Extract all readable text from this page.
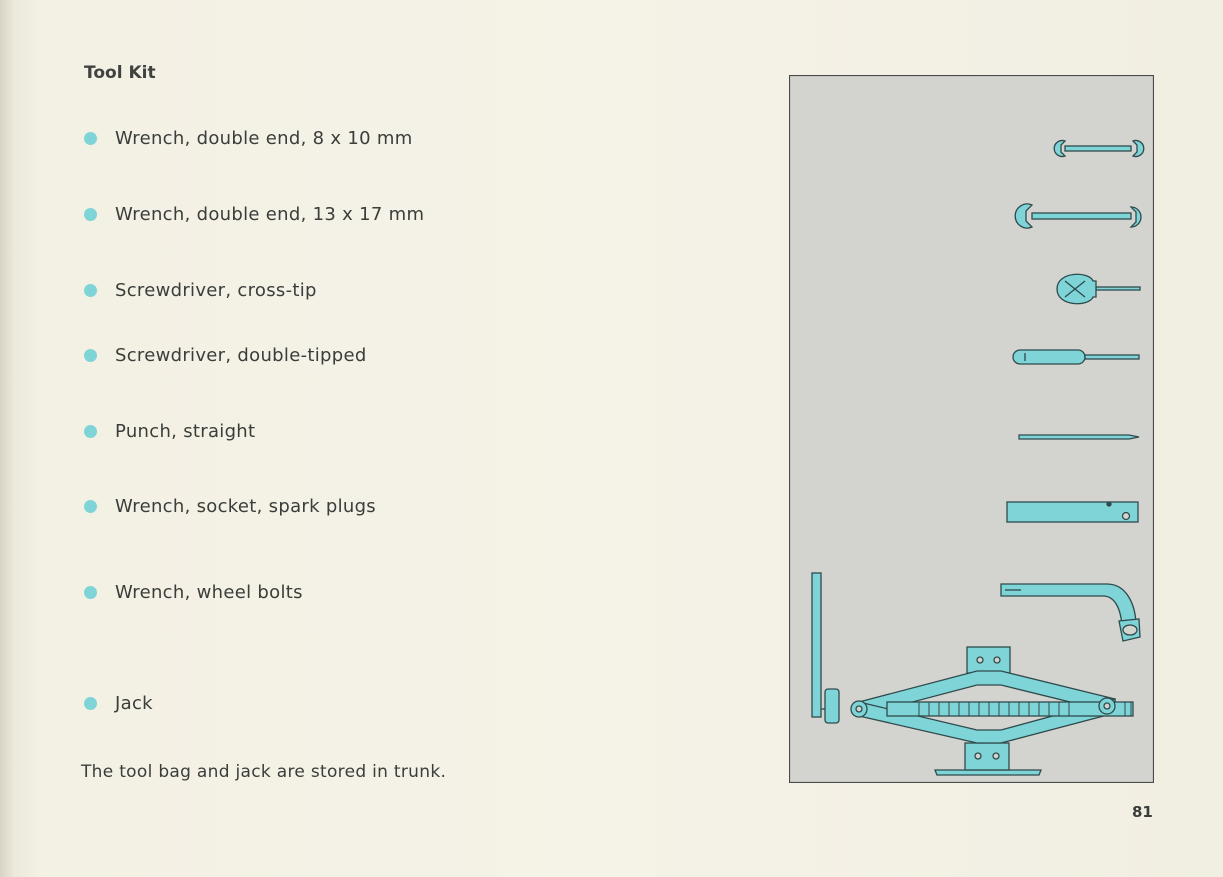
Tool Kit
Wrench, double end, 8 x 10 mm
Wrench, double end, 13 x 17 mm
Screwdriver, cross-tip
Screwdriver, double-tipped
Punch, straight
Wrench, socket, spark plugs
Wrench, wheel bolts
Jack
The tool bag and jack are stored in trunk.
81
